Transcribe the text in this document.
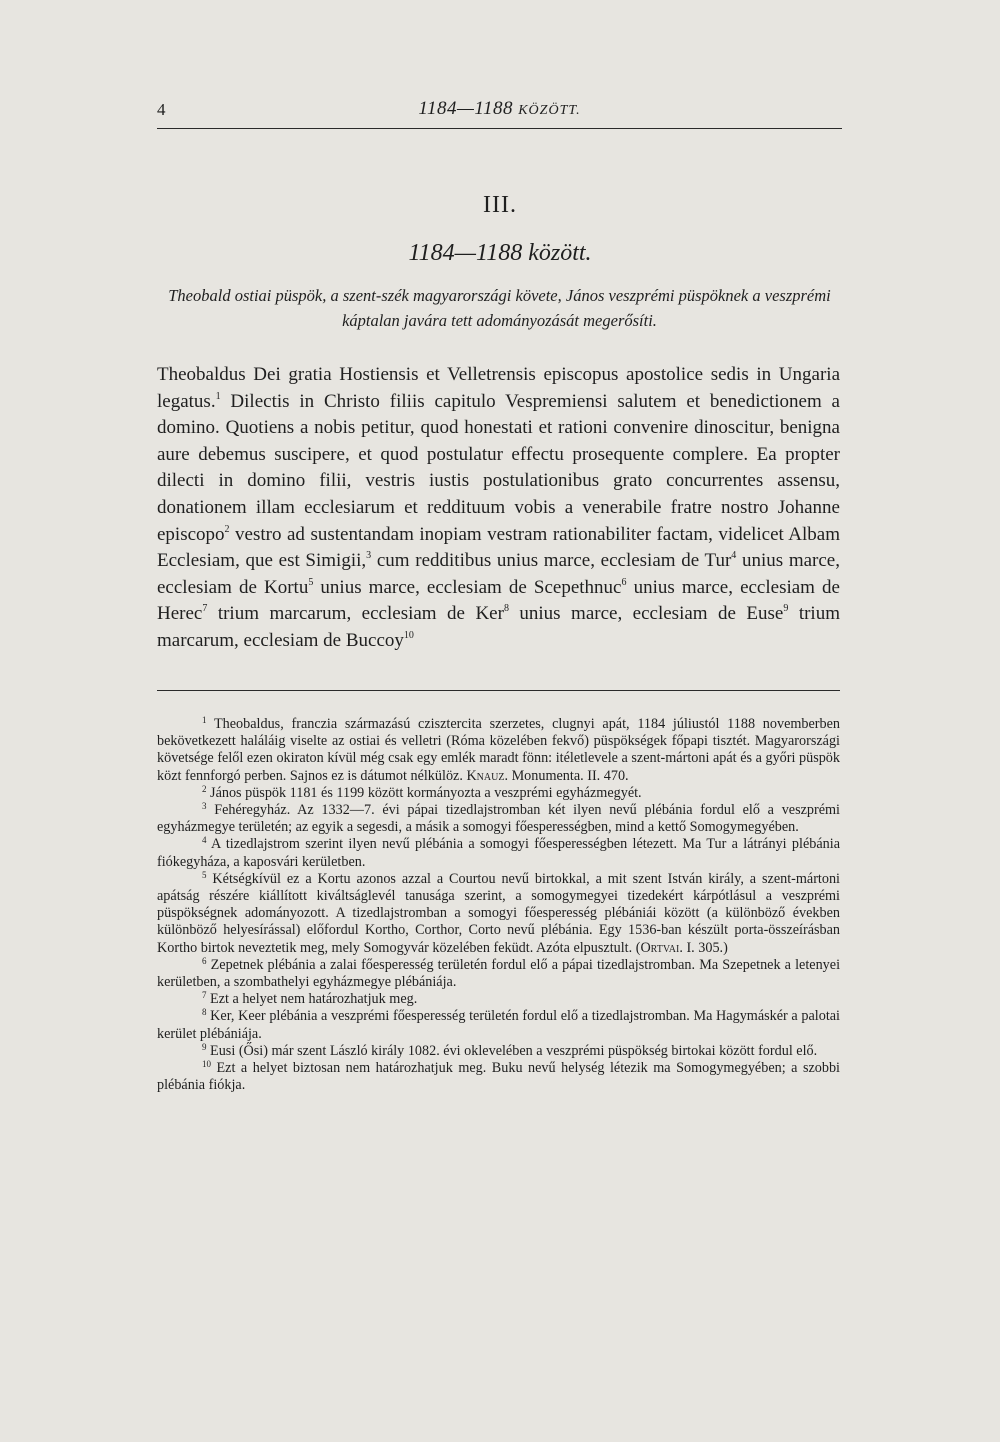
4	1184—1188 KÖZÖTT.
III.
1184—1188 között.
Theobald ostiai püspök, a szent-szék magyarországi követe, János veszprémi püspöknek a veszprémi káptalan javára tett adományozását megerősíti.
Theobaldus Dei gratia Hostiensis et Velletrensis episcopus apostolice sedis in Ungaria legatus.$^1$ Dilectis in Christo filiis capitulo Vespremiensi salutem et benedictionem a domino. Quotiens a nobis petitur, quod honestati et rationi convenire dinoscitur, benigna aure debemus suscipere, et quod postulatur effectu prosequente complere. Ea propter dilecti in domino filii, vestris iustis postulationibus grato concurrentes assensu, donationem illam ecclesiarum et reddituum vobis a venerabile fratre nostro Johanne episcopo$^2$ vestro ad sustentandam inopiam vestram rationabiliter factam, videlicet Albam Ecclesiam, que est Simigii,$^3$ cum redditibus unius marce, ecclesiam de Tur$^4$ unius marce, ecclesiam de Kortu$^5$ unius marce, ecclesiam de Scepethnuc$^6$ unius marce, ecclesiam de Herec$^7$ trium marcarum, ecclesiam de Ker$^8$ unius marce, ecclesiam de Euse$^9$ trium marcarum, ecclesiam de Buccoy$^{10}$

$^1$ Theobaldus, franczia származású czisztercita szerzetes, clugnyi apát, 1184 júliustól 1188 novemberben bekövetkezett haláláig viselte az ostiai és velletri (Róma közelében fekvő) püspökségek főpapi tisztét. Magyarországi követsége felől ezen okiraton kívül még csak egy emlék maradt fönn: itéletlevele a szent-mártoni apát és a győri püspök közt fennforgó perben. Sajnos ez is dátumot nélkülöz. Knauz. Monumenta. II. 470.

$^2$ János püspök 1181 és 1199 között kormányozta a veszprémi egyházmegyét.

$^3$ Fehéregyház. Az 1332—7. évi pápai tizedlajstromban két ilyen nevű plébánia fordul elő a veszprémi egyházmegye területén; az egyik a segesdi, a másik a somogyi főesperességben, mind a kettő Somogymegyében.

$^4$ A tizedlajstrom szerint ilyen nevű plébánia a somogyi főesperességben létezett. Ma Tur a látrányi plébánia fiókegyháza, a kaposvári kerületben.

$^5$ Kétségkívül ez a Kortu azonos azzal a Courtou nevű birtokkal, a mit szent István király, a szent-mártoni apátság részére kiállított kiváltságlevél tanusága szerint, a somogymegyei tizedekért kárpótlásul a veszprémi püspökségnek adományozott. A tizedlajstromban a somogyi főesperesség plébániái között (a különböző években különböző helyesírással) előfordul Kortho, Corthor, Corto nevű plébánia. Egy 1536-ban készült porta-összeírásban Kortho birtok neveztetik meg, mely Somogyvár közelében feküdt. Azóta elpusztult. (Ortvai. I. 305.)

$^6$ Zepetnek plébánia a zalai főesperesség területén fordul elő a pápai tizedlajstromban. Ma Szepetnek a letenyei kerületben, a szombathelyi egyházmegye plébániája.

$^7$ Ezt a helyet nem határozhatjuk meg.

$^8$ Ker, Keer plébánia a veszprémi főesperesség területén fordul elő a tizedlajstromban. Ma Hagymáskér a palotai kerület plébániája.

$^9$ Eusi (Ősi) már szent László király 1082. évi oklevelében a veszprémi püspökség birtokai között fordul elő.

$^{10}$ Ezt a helyet biztosan nem határozhatjuk meg. Buku nevű helység létezik ma Somogymegyében; a szobbi plébánia fiókja.
